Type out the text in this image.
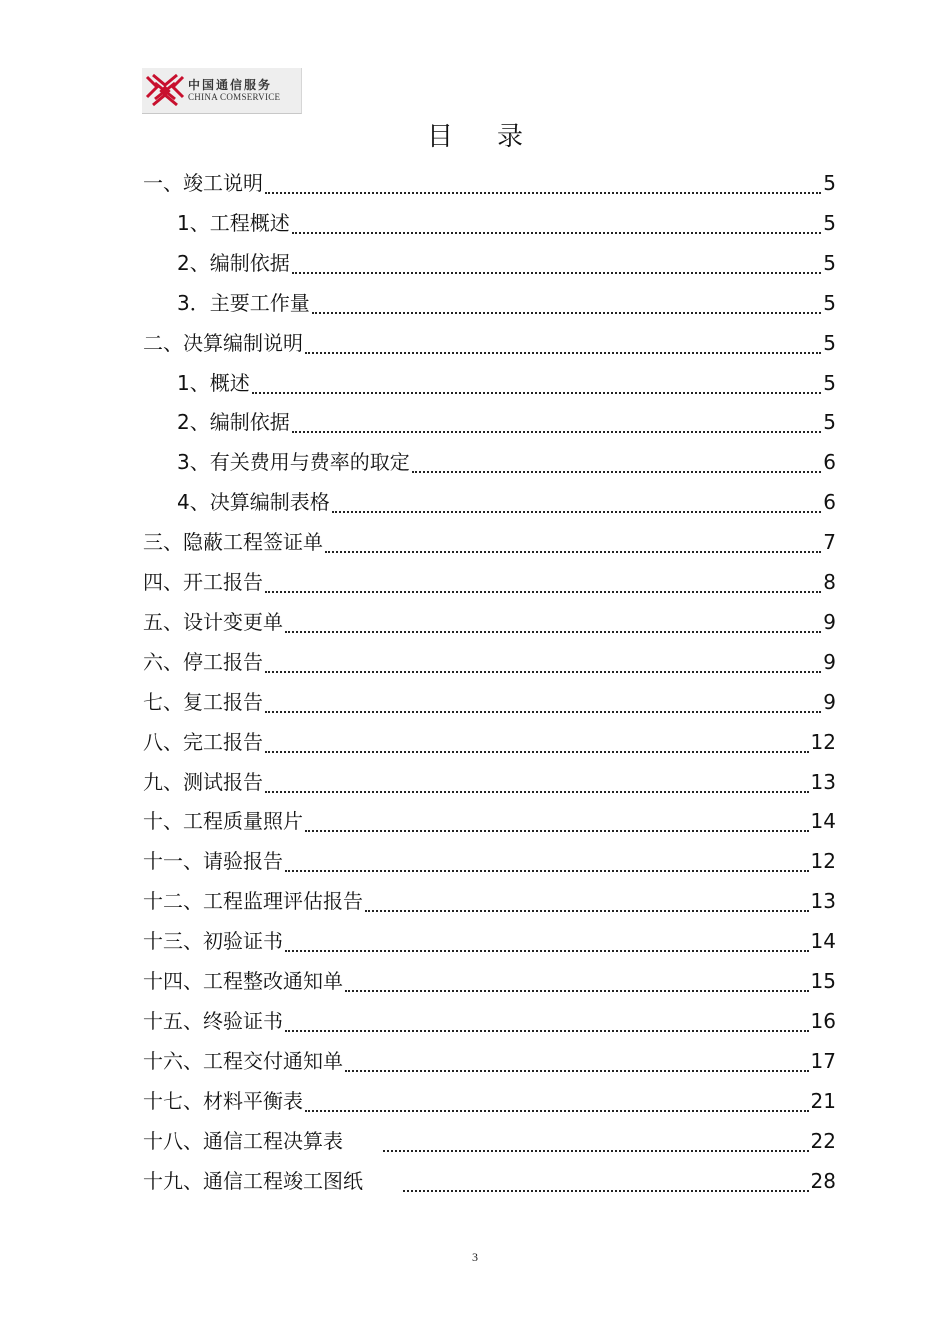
中国通信服务
CHINA COMSERVICE
目 录
一、竣工说明	5
1、工程概述	5
2、编制依据	5
3．主要工作量	5
二、决算编制说明	5
1、概述	5
2、编制依据	5
3、有关费用与费率的取定	6
4、决算编制表格	6
三、隐蔽工程签证单	7
四、开工报告	8
五、设计变更单	9
六、停工报告	9
七、复工报告	9
八、完工报告	12
九、测试报告	13
十、工程质量照片	14
十一、请验报告	12
十二、工程监理评估报告	13
十三、初验证书	14
十四、工程整改通知单	15
十五、终验证书	16
十六、工程交付通知单	17
十七、材料平衡表	21
十八、通信工程决算表	22
十九、通信工程竣工图纸	28
3
